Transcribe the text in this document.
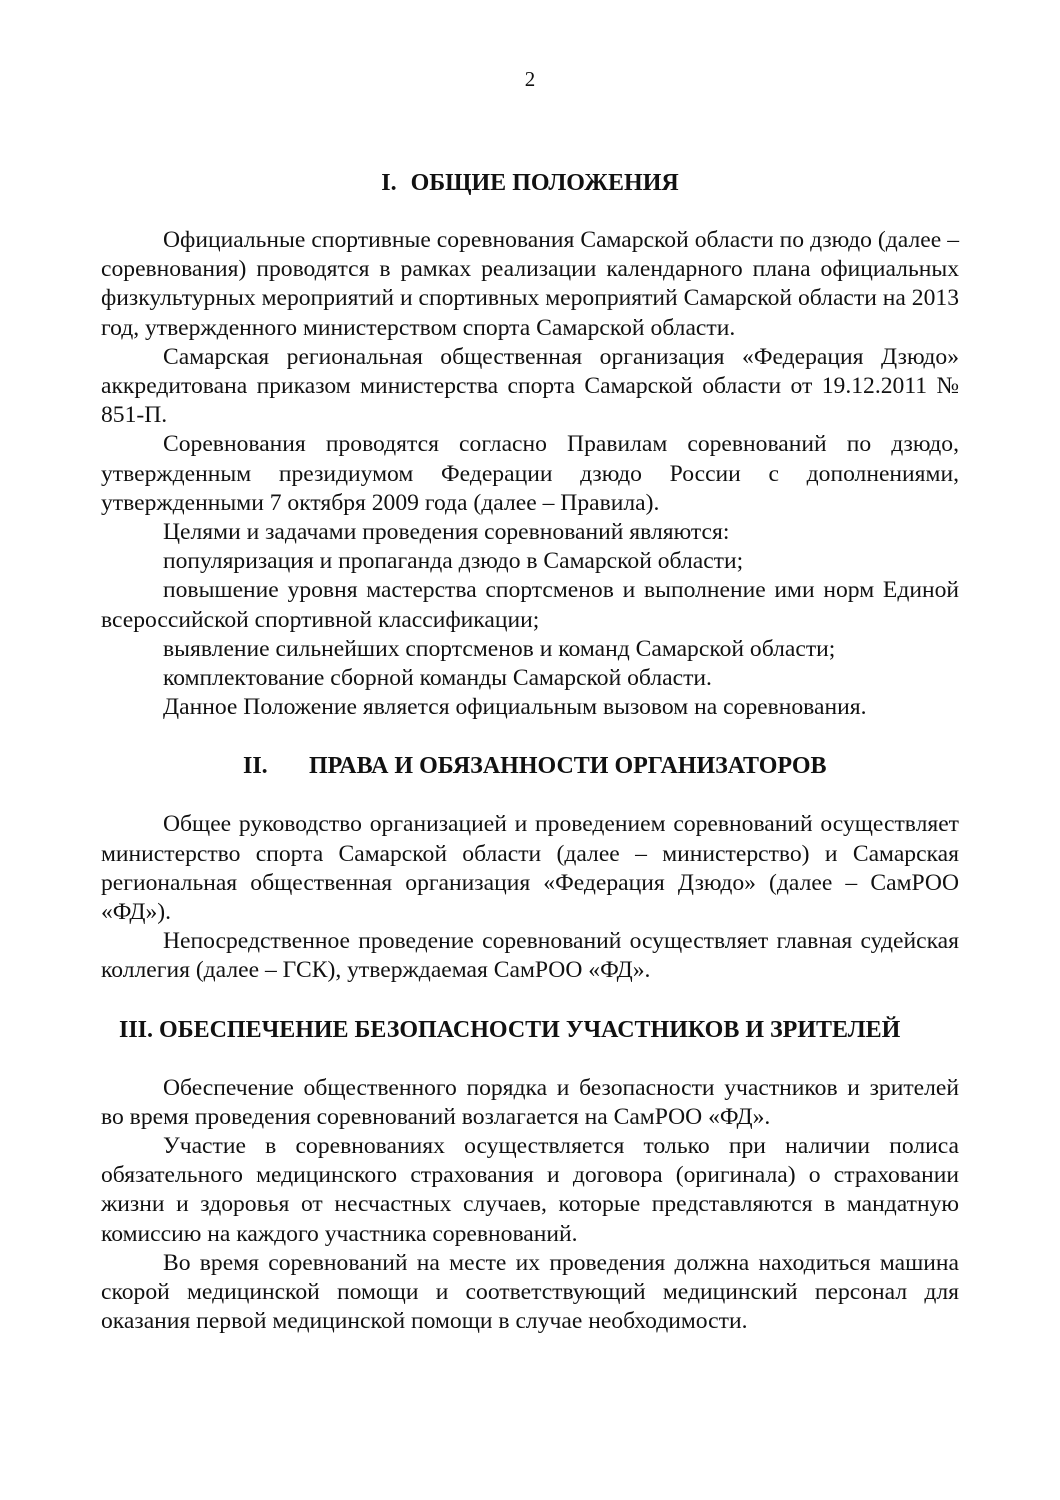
2
I. ОБЩИЕ ПОЛОЖЕНИЯ

Официальные спортивные соревнования Самарской области по дзюдо (далее – соревнования) проводятся в рамках реализации календарного плана официальных физкультурных мероприятий и спортивных мероприятий Самарской области на 2013 год, утвержденного министерством спорта Самарской области.

Самарская региональная общественная организация «Федерация Дзюдо» аккредитована приказом министерства спорта Самарской области от 19.12.2011 № 851-П.

Соревнования проводятся согласно Правилам соревнований по дзюдо, утвержденным президиумом Федерации дзюдо России с дополнениями, утвержденными 7 октября 2009 года (далее – Правила).

Целями и задачами проведения соревнований являются:

популяризация и пропаганда дзюдо в Самарской области;

повышение уровня мастерства спортсменов и выполнение ими норм Единой всероссийской спортивной классификации;

выявление сильнейших спортсменов и команд Самарской области;

комплектование сборной команды Самарской области.

Данное Положение является официальным вызовом на соревнования.

II. ПРАВА И ОБЯЗАННОСТИ ОРГАНИЗАТОРОВ

Общее руководство организацией и проведением соревнований осуществляет министерство спорта Самарской области (далее – министерство) и Самарская региональная общественная организация «Федерация Дзюдо» (далее – СамРОО «ФД»).

Непосредственное проведение соревнований осуществляет главная судейская коллегия (далее – ГСК), утверждаемая СамРОО «ФД».

III. ОБЕСПЕЧЕНИЕ БЕЗОПАСНОСТИ УЧАСТНИКОВ И ЗРИТЕЛЕЙ

Обеспечение общественного порядка и безопасности участников и зрителей во время проведения соревнований возлагается на СамРОО «ФД».

Участие в соревнованиях осуществляется только при наличии полиса обязательного медицинского страхования и договора (оригинала) о страховании жизни и здоровья от несчастных случаев, которые представляются в мандатную комиссию на каждого участника соревнований.

Во время соревнований на месте их проведения должна находиться машина скорой медицинской помощи и соответствующий медицинский персонал для оказания первой медицинской помощи в случае необходимости.
